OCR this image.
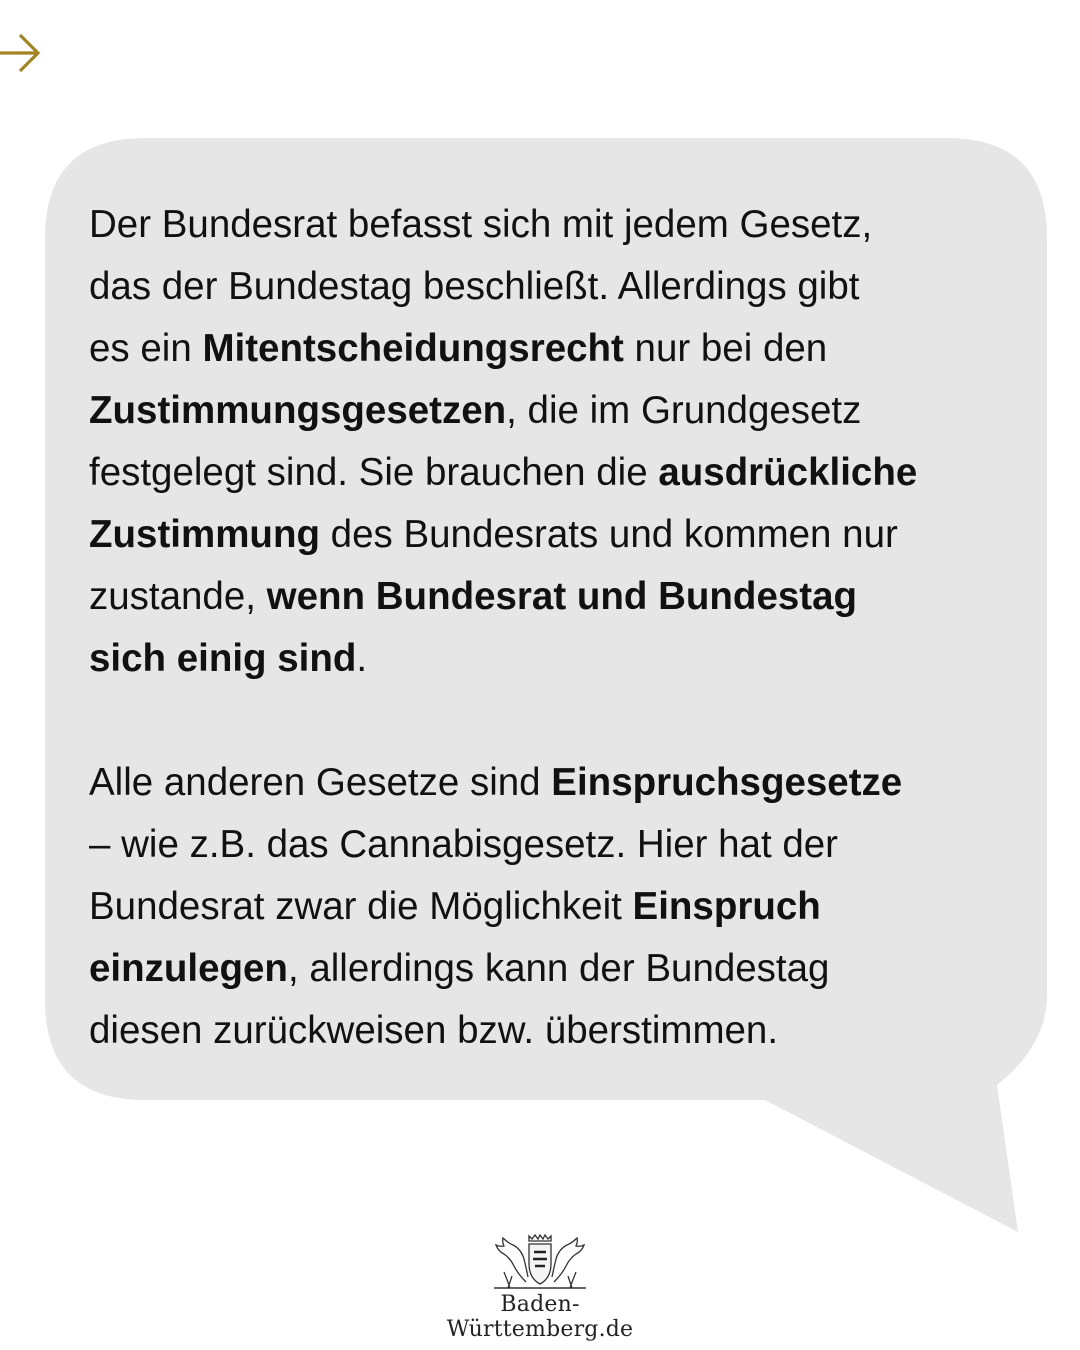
Der Bundesrat befasst sich mit jedem Gesetz,
das der Bundestag beschließt. Allerdings gibt
es ein Mitentscheidungsrecht nur bei den
Zustimmungsgesetzen, die im Grundgesetz
festgelegt sind. Sie brauchen die ausdrückliche
Zustimmung des Bundesrats und kommen nur
zustande, wenn Bundesrat und Bundestag
sich einig sind.

Alle anderen Gesetze sind Einspruchsgesetze
– wie z.B. das Cannabisgesetz. Hier hat der
Bundesrat zwar die Möglichkeit Einspruch
einzulegen, allerdings kann der Bundestag
diesen zurückweisen bzw. überstimmen.

Baden-Württemberg.de
